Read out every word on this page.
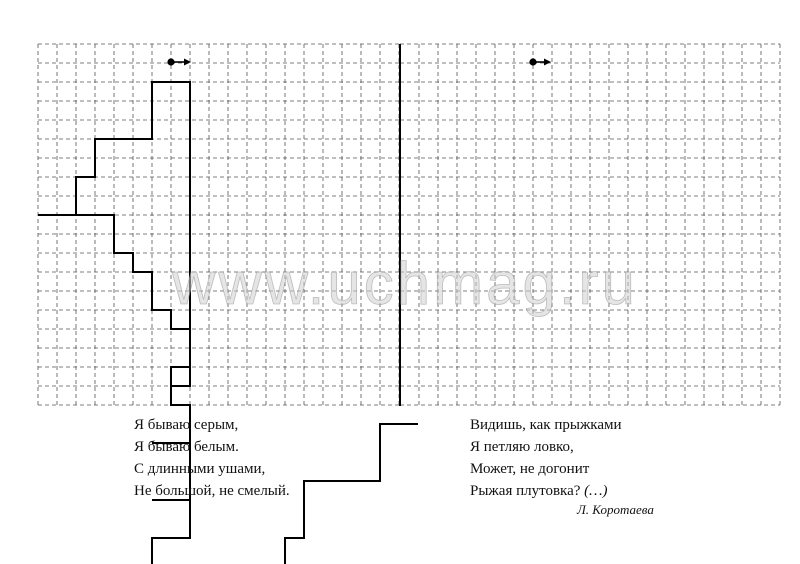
www.uchmag.ru
Я бываю серым,
Я бываю белым.
С длинными ушами,
Не большой, не смелый.
Видишь, как прыжками
Я петляю ловко,
Может, не догонит
Рыжая плутовка? (…)
Л. Коротаева
